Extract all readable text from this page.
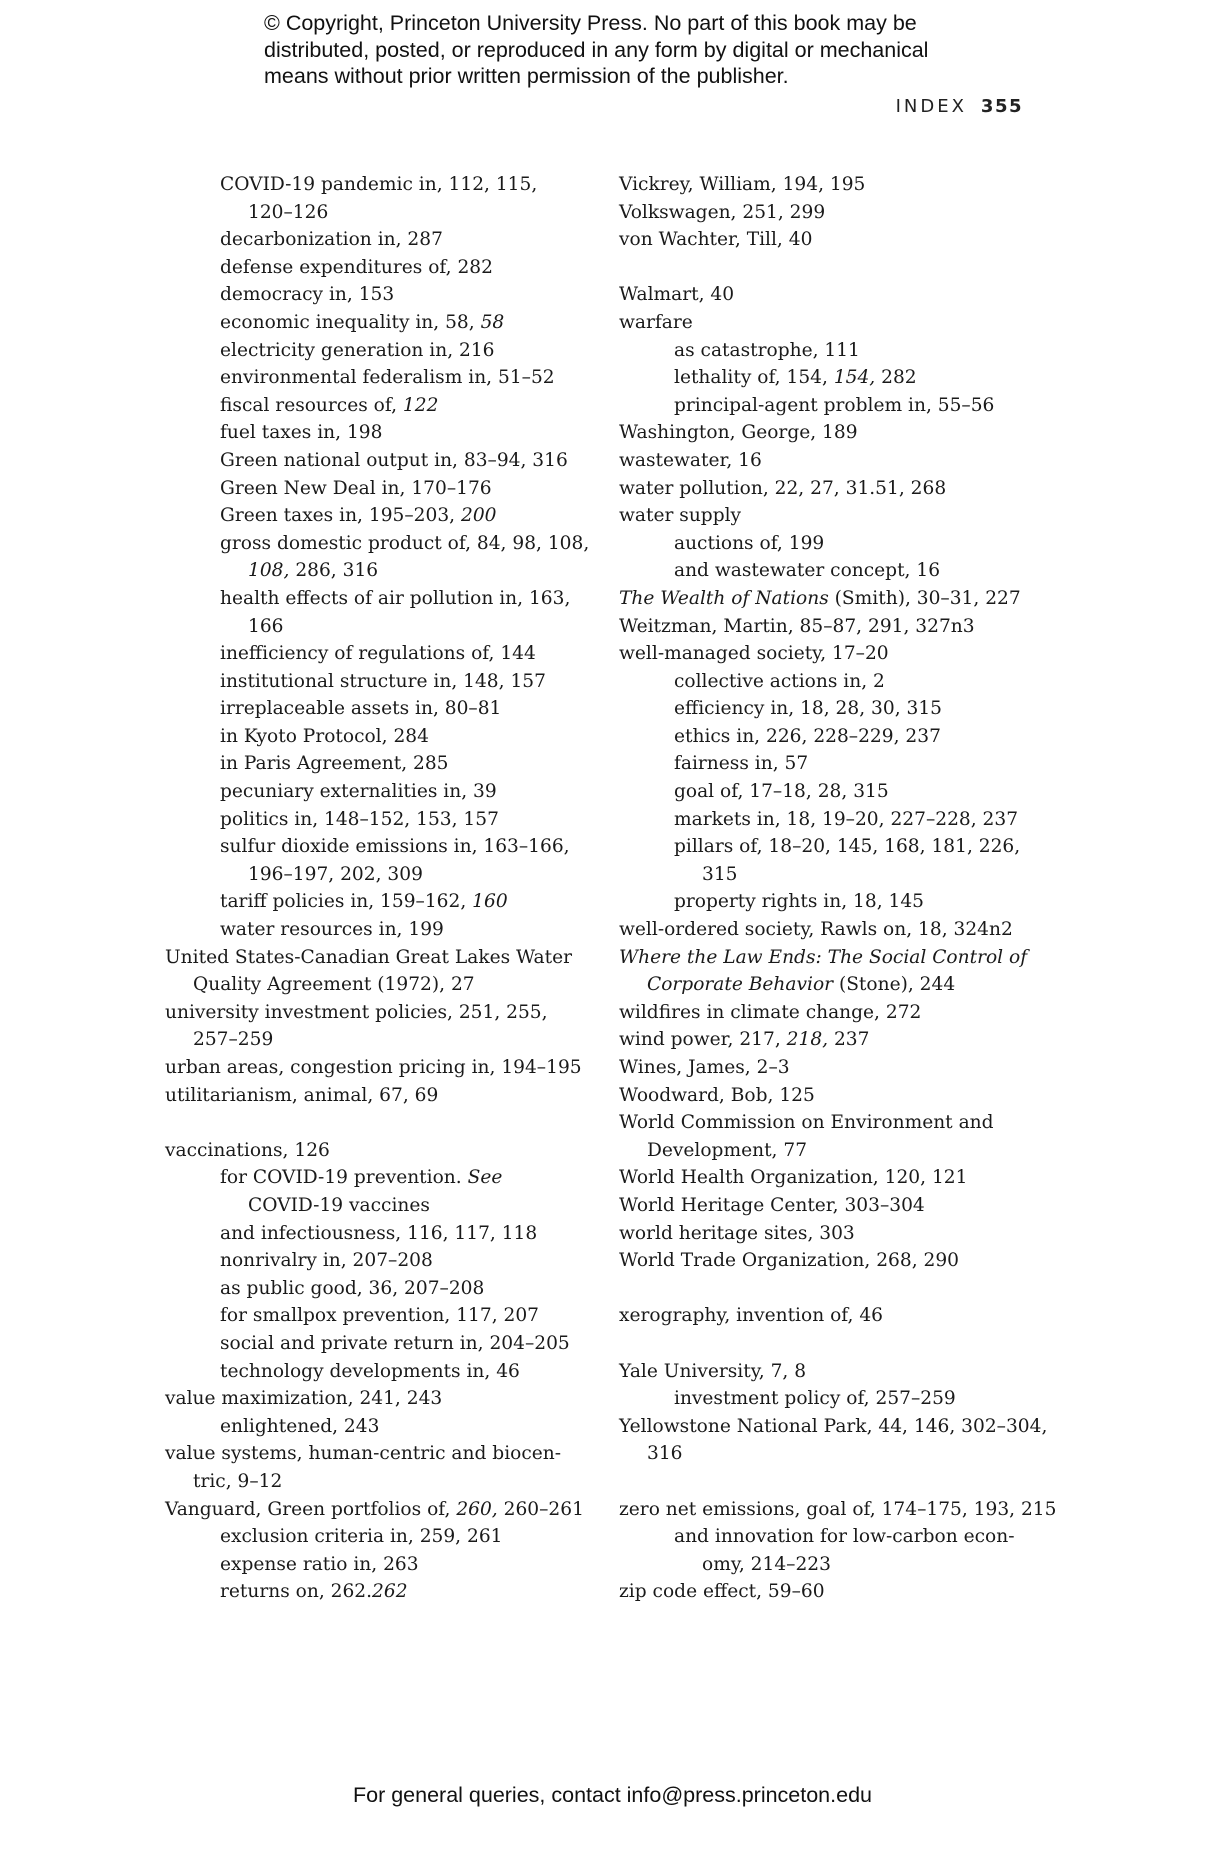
© Copyright, Princeton University Press. No part of this book may be
distributed, posted, or reproduced in any form by digital or mechanical
means without prior written permission of the publisher.
INDEX 355
COVID-19 pandemic in, 112, 115,
120–126
decarbonization in, 287
defense expenditures of, 282
democracy in, 153
economic inequality in, 58, 58
electricity generation in, 216
environmental federalism in, 51–52
fiscal resources of, 122
fuel taxes in, 198
Green national output in, 83–94, 316
Green New Deal in, 170–176
Green taxes in, 195–203, 200
gross domestic product of, 84, 98, 108,
108, 286, 316
health effects of air pollution in, 163,
166
inefficiency of regulations of, 144
institutional structure in, 148, 157
irreplaceable assets in, 80–81
in Kyoto Protocol, 284
in Paris Agreement, 285
pecuniary externalities in, 39
politics in, 148–152, 153, 157
sulfur dioxide emissions in, 163–166,
196–197, 202, 309
tariff policies in, 159–162, 160
water resources in, 199
United States-Canadian Great Lakes Water
Quality Agreement (1972), 27
university investment policies, 251, 255,
257–259
urban areas, congestion pricing in, 194–195
utilitarianism, animal, 67, 69
vaccinations, 126
for COVID-19 prevention. See
COVID-19 vaccines
and infectiousness, 116, 117, 118
nonrivalry in, 207–208
as public good, 36, 207–208
for smallpox prevention, 117, 207
social and private return in, 204–205
technology developments in, 46
value maximization, 241, 243
enlightened, 243
value systems, human-centric and biocen-
tric, 9–12
Vanguard, Green portfolios of, 260, 260–261
exclusion criteria in, 259, 261
expense ratio in, 263
returns on, 262.262
Vickrey, William, 194, 195
Volkswagen, 251, 299
von Wachter, Till, 40
Walmart, 40
warfare
as catastrophe, 111
lethality of, 154, 154, 282
principal-agent problem in, 55–56
Washington, George, 189
wastewater, 16
water pollution, 22, 27, 31.51, 268
water supply
auctions of, 199
and wastewater concept, 16
The Wealth of Nations (Smith), 30–31, 227
Weitzman, Martin, 85–87, 291, 327n3
well-managed society, 17–20
collective actions in, 2
efficiency in, 18, 28, 30, 315
ethics in, 226, 228–229, 237
fairness in, 57
goal of, 17–18, 28, 315
markets in, 18, 19–20, 227–228, 237
pillars of, 18–20, 145, 168, 181, 226,
315
property rights in, 18, 145
well-ordered society, Rawls on, 18, 324n2
Where the Law Ends: The Social Control of
Corporate Behavior (Stone), 244
wildfires in climate change, 272
wind power, 217, 218, 237
Wines, James, 2–3
Woodward, Bob, 125
World Commission on Environment and
Development, 77
World Health Organization, 120, 121
World Heritage Center, 303–304
world heritage sites, 303
World Trade Organization, 268, 290
xerography, invention of, 46
Yale University, 7, 8
investment policy of, 257–259
Yellowstone National Park, 44, 146, 302–304,
316
zero net emissions, goal of, 174–175, 193, 215
and innovation for low-carbon econ-
omy, 214–223
zip code effect, 59–60
For general queries, contact info@press.princeton.edu
